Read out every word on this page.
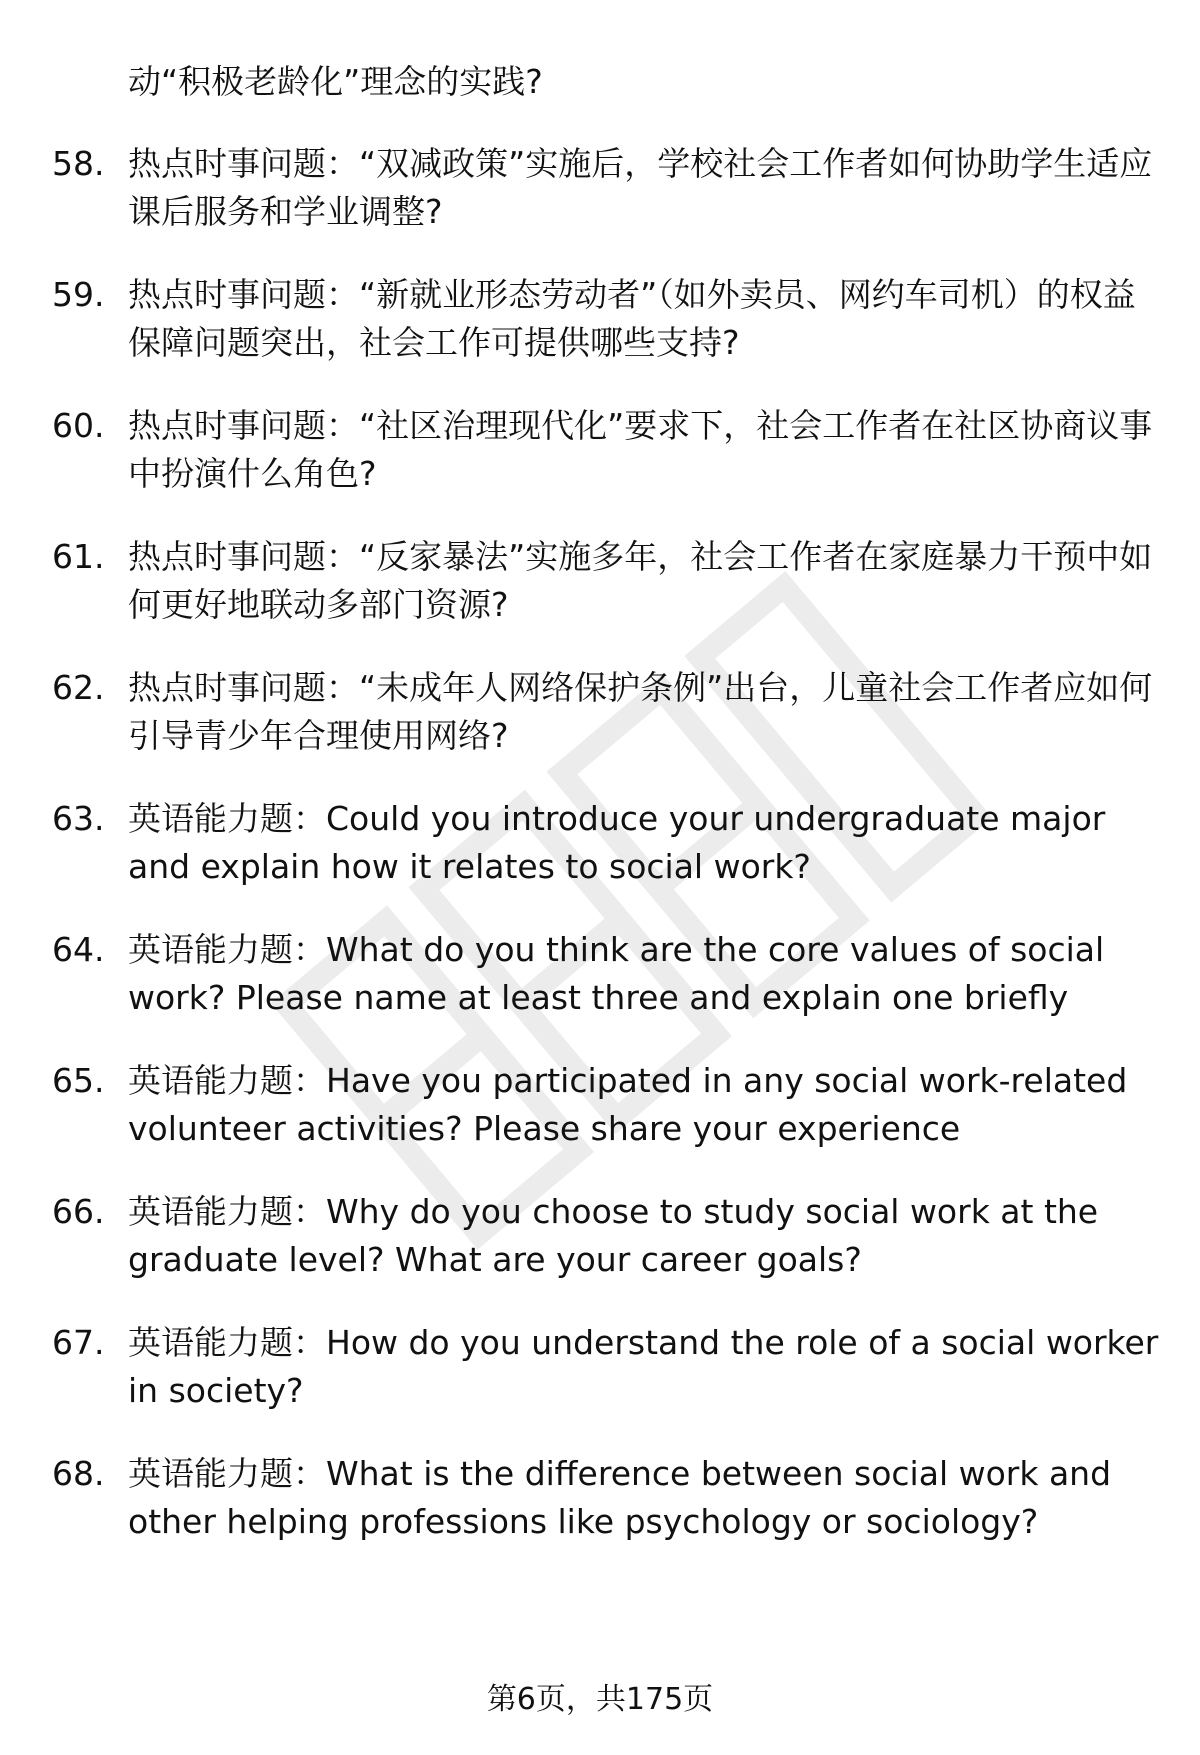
动“积极老龄化”理念的实践?
58. 热点时事问题：“双减政策”实施后，学校社会工作者如何协助学生适应课后服务和学业调整?
59. 热点时事问题：“新就业形态劳动者”（如外卖员、网约车司机）的权益保障问题突出，社会工作可提供哪些支持?
60. 热点时事问题：“社区治理现代化”要求下，社会工作者在社区协商议事中扮演什么角色?
61. 热点时事问题：“反家暴法”实施多年，社会工作者在家庭暴力干预中如何更好地联动多部门资源?
62. 热点时事问题：“未成年人网络保护条例”出台，儿童社会工作者应如何引导青少年合理使用网络?
63. 英语能力题：Could you introduce your undergraduate major and explain how it relates to social work?
64. 英语能力题：What do you think are the core values of social work? Please name at least three and explain one briefly
65. 英语能力题：Have you participated in any social work-related volunteer activities? Please share your experience
66. 英语能力题：Why do you choose to study social work at the graduate level? What are your career goals?
67. 英语能力题：How do you understand the role of a social worker in society?
68. 英语能力题：What is the difference between social work and other helping professions like psychology or sociology?
第6页，共175页
